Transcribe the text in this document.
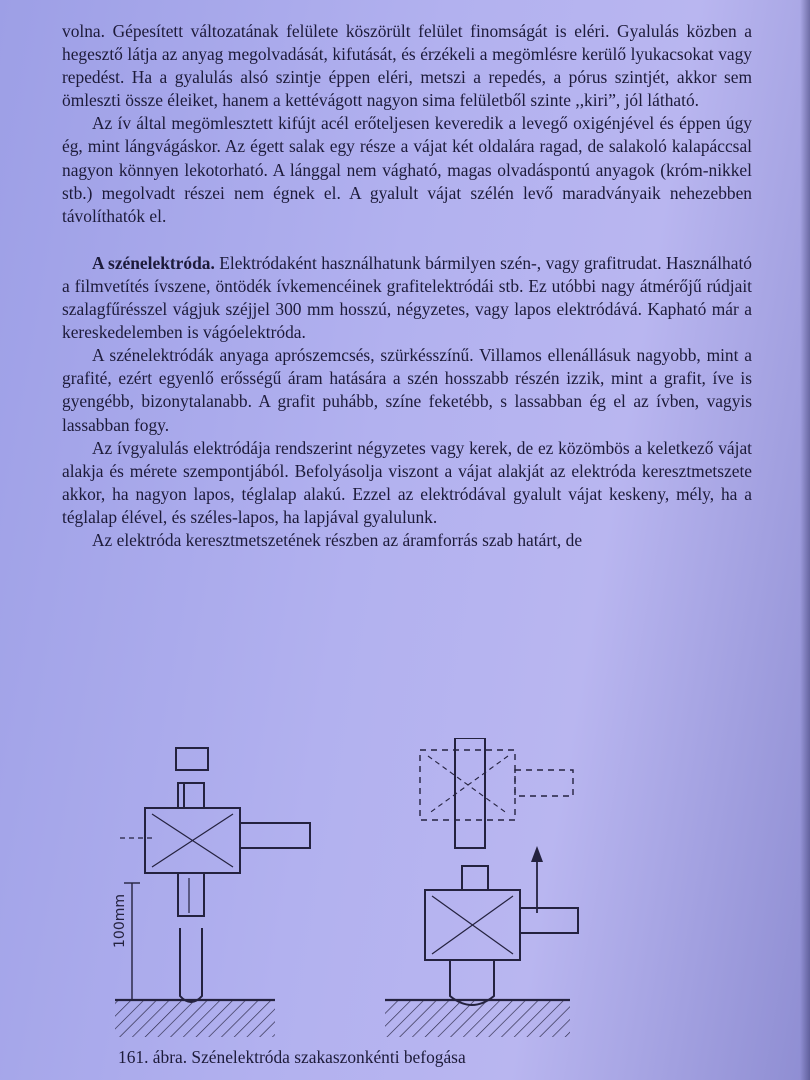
volna. Gépesített változatának felülete köszörült felület finomságát is eléri. Gyalulás közben a hegesztő látja az anyag megolvadását, kifutását, és érzékeli a megömlésre kerülő lyukacsokat vagy repedést. Ha a gyalulás alsó szintje éppen eléri, metszi a repedés, a pórus szintjét, akkor sem ömleszti össze éleiket, hanem a kettévágott nagyon sima felületből szinte ,,kiri”, jól látható.

Az ív által megömlesztett kifújt acél erőteljesen keveredik a levegő oxigénjével és éppen úgy ég, mint lángvágáskor. Az égett salak egy része a vájat két oldalára ragad, de salakoló kalapáccsal nagyon könnyen lekotorható. A lánggal nem vágható, magas olvadáspontú anyagok (króm-nikkel stb.) megolvadt részei nem égnek el. A gyalult vájat szélén levő maradványaik nehezebben távolíthatók el.

A szénelektróda. Elektródaként használhatunk bármilyen szén-, vagy grafitrudat. Használható a filmvetítés ívszene, öntödék ívkemencéinek grafitelektródái stb. Ez utóbbi nagy átmérőjű rúdjait szalagfűrésszel vágjuk széjjel 300 mm hosszú, négyzetes, vagy lapos elektródává. Kapható már a kereskedelemben is vágóelektróda.

A szénelektródák anyaga aprószemcsés, szürkésszínű. Villamos ellenállásuk nagyobb, mint a grafité, ezért egyenlő erősségű áram hatására a szén hosszabb részén izzik, mint a grafit, íve is gyengébb, bizonytalanabb. A grafit puhább, színe feketébb, s lassabban ég el az ívben, vagyis lassabban fogy.

Az ívgyalulás elektródája rendszerint négyzetes vagy kerek, de ez közömbös a keletkező vájat alakja és mérete szempontjából. Befolyásolja viszont a vájat alakját az elektróda keresztmetszete akkor, ha nagyon lapos, téglalap alakú. Ezzel az elektródával gyalult vájat keskeny, mély, ha a téglalap élével, és széles-lapos, ha lapjával gyalulunk.

Az elektróda keresztmetszetének részben az áramforrás szab határt, de

100mm
161. ábra. Szénelektróda szakaszonkénti befogása
